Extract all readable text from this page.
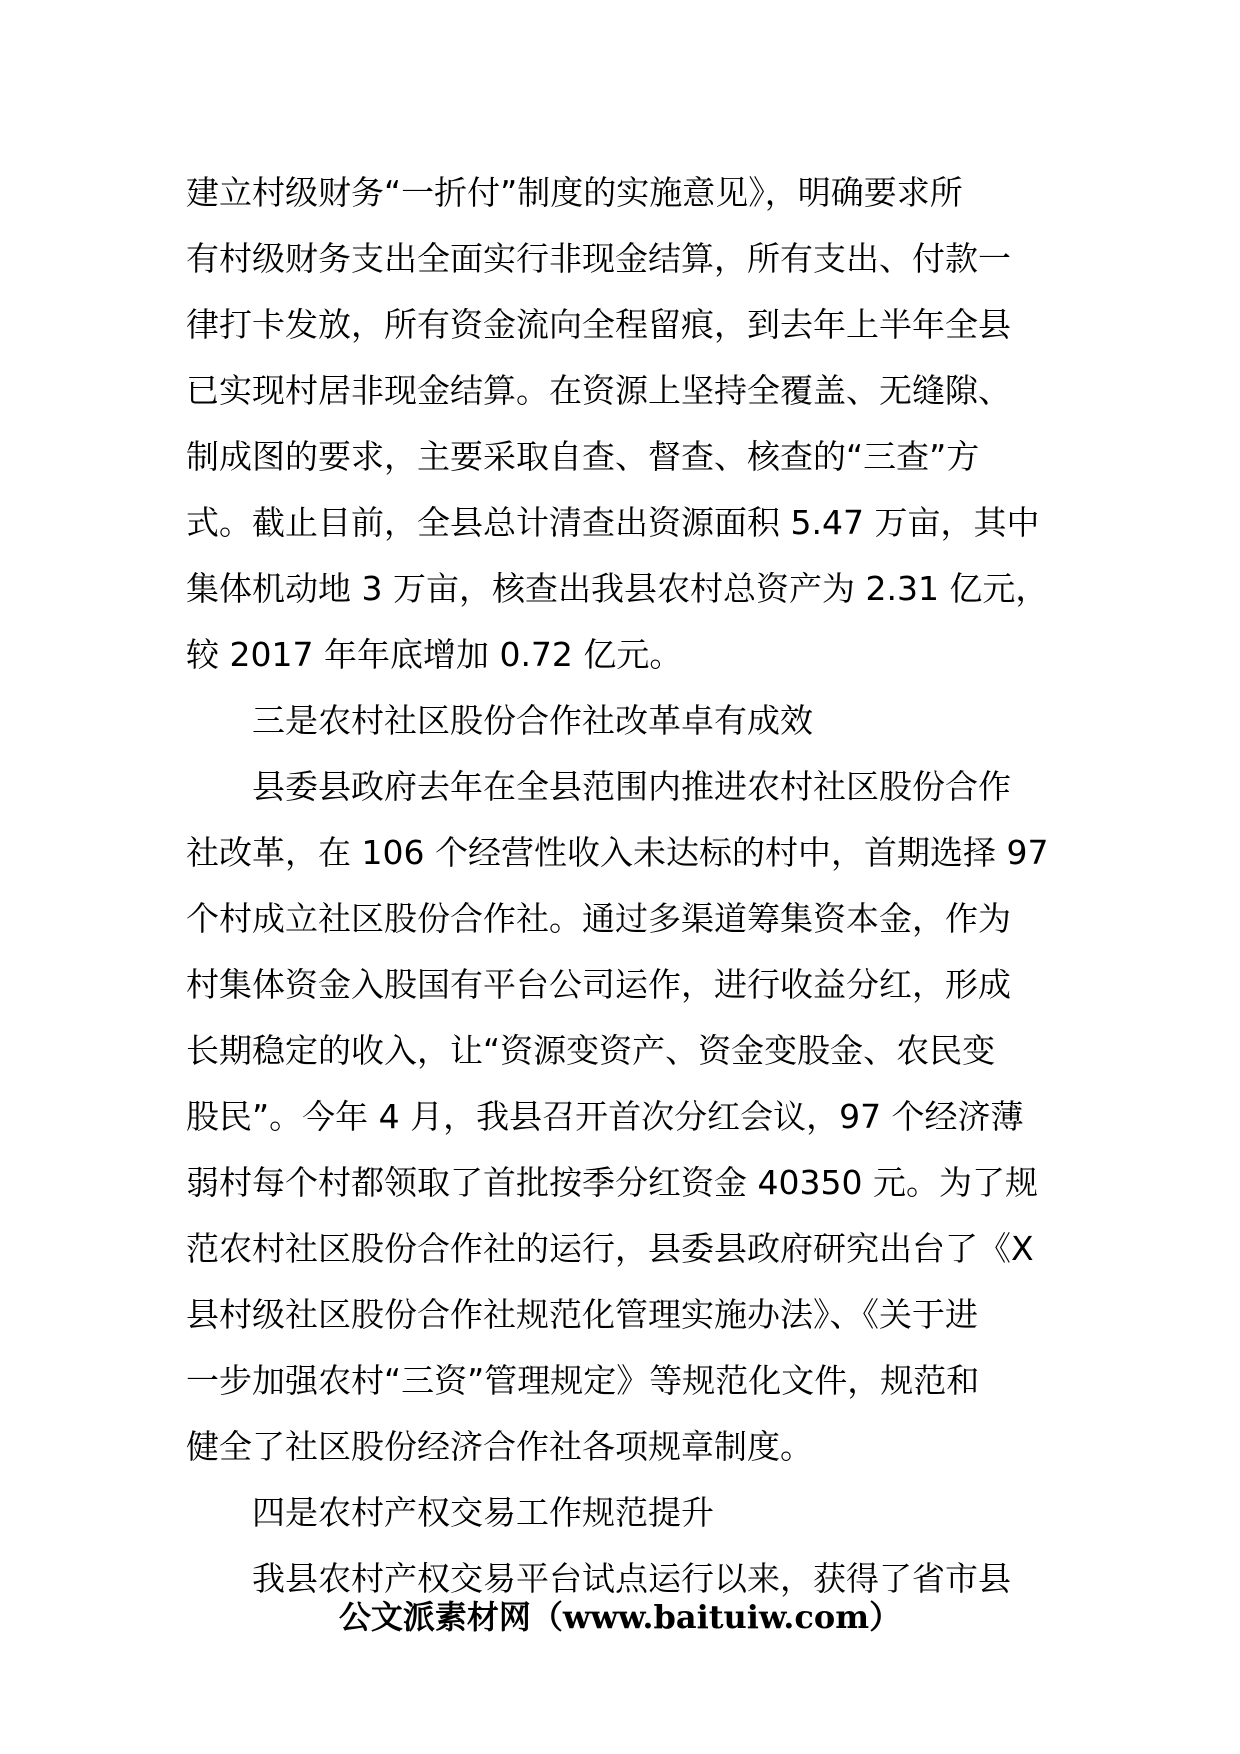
建立村级财务“一折付”制度的实施意见》，明确要求所
有村级财务支出全面实行非现金结算，所有支出、付款一
律打卡发放，所有资金流向全程留痕，到去年上半年全县
已实现村居非现金结算。在资源上坚持全覆盖、无缝隙、
制成图的要求，主要采取自查、督查、核查的“三查”方
式。截止目前，全县总计清查出资源面积 5.47 万亩，其中
集体机动地 3 万亩，核查出我县农村总资产为 2.31 亿元，
较 2017 年年底增加 0.72 亿元。
三是农村社区股份合作社改革卓有成效
县委县政府去年在全县范围内推进农村社区股份合作
社改革，在 106 个经营性收入未达标的村中，首期选择 97
个村成立社区股份合作社。通过多渠道筹集资本金，作为
村集体资金入股国有平台公司运作，进行收益分红，形成
长期稳定的收入，让“资源变资产、资金变股金、农民变
股民”。今年 4 月，我县召开首次分红会议，97 个经济薄
弱村每个村都领取了首批按季分红资金 40350 元。为了规
范农村社区股份合作社的运行，县委县政府研究出台了《X
县村级社区股份合作社规范化管理实施办法》、《关于进
一步加强农村“三资”管理规定》等规范化文件，规范和
健全了社区股份经济合作社各项规章制度。
四是农村产权交易工作规范提升
我县农村产权交易平台试点运行以来，获得了省市县
公文派素材网（www.baituiw.com）
